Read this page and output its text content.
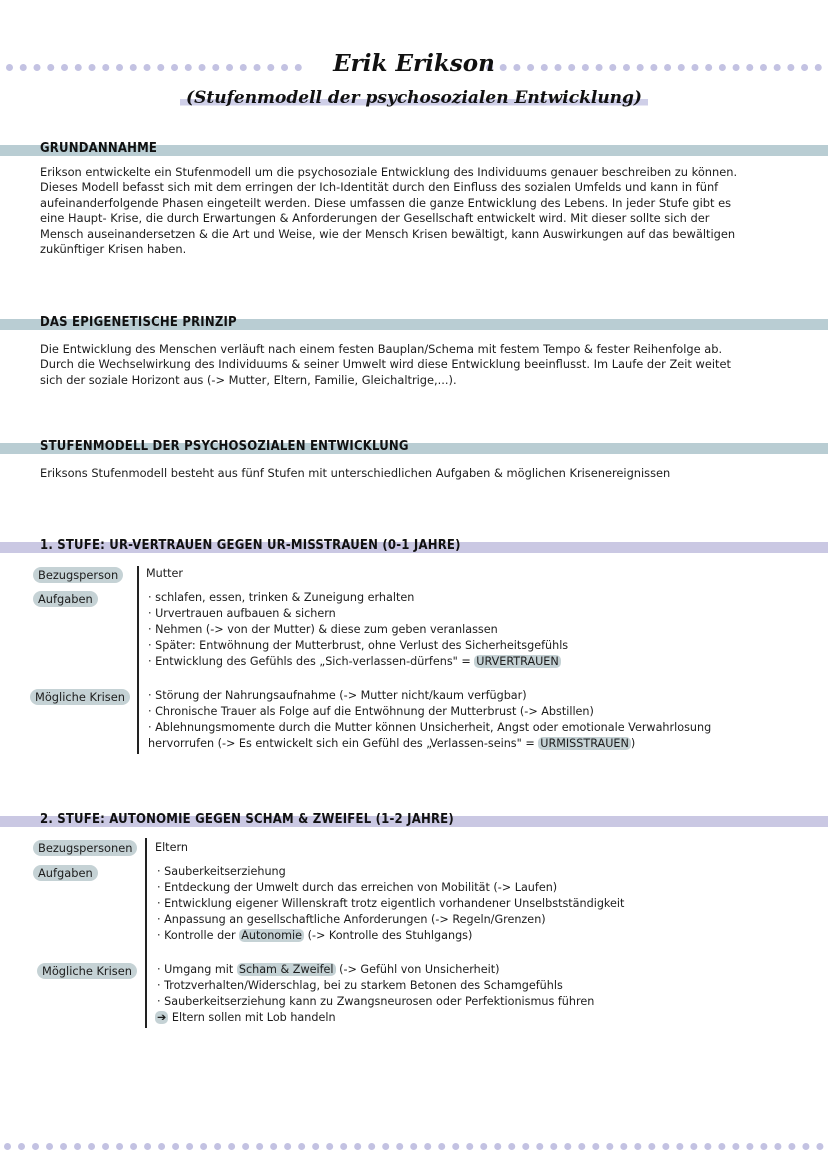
Erik Erikson
(Stufenmodell der psychosozialen Entwicklung)
GRUNDANNAHME
Erikson entwickelte ein Stufenmodell um die psychosoziale Entwicklung des Individuums genauer beschreiben zu können.
Dieses Modell befasst sich mit dem erringen der Ich-Identität durch den Einfluss des sozialen Umfelds und kann in fünf
aufeinanderfolgende Phasen eingeteilt werden. Diese umfassen die ganze Entwicklung des Lebens. In jeder Stufe gibt es
eine Haupt- Krise, die durch Erwartungen & Anforderungen der Gesellschaft entwickelt wird. Mit dieser sollte sich der
Mensch auseinandersetzen & die Art und Weise, wie der Mensch Krisen bewältigt, kann Auswirkungen auf das bewältigen
zukünftiger Krisen haben.
DAS EPIGENETISCHE PRINZIP
Die Entwicklung des Menschen verläuft nach einem festen Bauplan/Schema mit festem Tempo & fester Reihenfolge ab.
Durch die Wechselwirkung des Individuums & seiner Umwelt wird diese Entwicklung beeinflusst. Im Laufe der Zeit weitet
sich der soziale Horizont aus (-> Mutter, Eltern, Familie, Gleichaltrige,...).
STUFENMODELL DER PSYCHOSOZIALEN ENTWICKLUNG
Eriksons Stufenmodell besteht aus fünf Stufen mit unterschiedlichen Aufgaben & möglichen Krisenereignissen
1. STUFE: UR-VERTRAUEN GEGEN UR-MISSTRAUEN (0-1 JAHRE)
Bezugsperson
Aufgaben
Mögliche Krisen
Mutter
· schlafen, essen, trinken & Zuneigung erhalten
· Urvertrauen aufbauen & sichern
· Nehmen (-> von der Mutter) & diese zum geben veranlassen
· Später: Entwöhnung der Mutterbrust, ohne Verlust des Sicherheitsgefühls
· Entwicklung des Gefühls des „Sich-verlassen-dürfens" = URVERTRAUEN
· Störung der Nahrungsaufnahme (-> Mutter nicht/kaum verfügbar)
· Chronische Trauer als Folge auf die Entwöhnung der Mutterbrust (-> Abstillen)
· Ablehnungsmomente durch die Mutter können Unsicherheit, Angst oder emotionale Verwahrlosung
hervorrufen (-> Es entwickelt sich ein Gefühl des „Verlassen-seins" = URMISSTRAUEN )
2. STUFE: AUTONOMIE GEGEN SCHAM & ZWEIFEL (1-2 JAHRE)
Bezugspersonen
Aufgaben
Mögliche Krisen
Eltern
· Sauberkeitserziehung
· Entdeckung der Umwelt durch das erreichen von Mobilität (-> Laufen)
· Entwicklung eigener Willenskraft trotz eigentlich vorhandener Unselbstständigkeit
· Anpassung an gesellschaftliche Anforderungen (-> Regeln/Grenzen)
· Kontrolle der Autonomie (-> Kontrolle des Stuhlgangs)
· Umgang mit Scham & Zweifel (-> Gefühl von Unsicherheit)
· Trotzverhalten/Widerschlag, bei zu starkem Betonen des Schamgefühls
· Sauberkeitserziehung kann zu Zwangsneurosen oder Perfektionismus führen
➔ Eltern sollen mit Lob handeln
